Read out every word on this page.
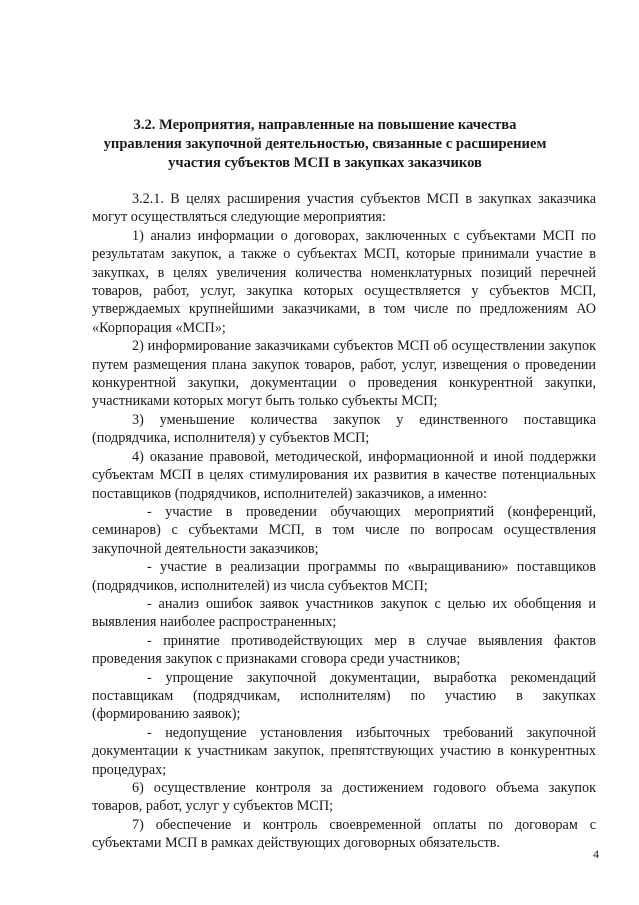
3.2. Мероприятия, направленные на повышение качества
управления закупочной деятельностью, связанные с расширением
участия субъектов МСП в закупках заказчиков

3.2.1. В целях расширения участия субъектов МСП в закупках заказчика могут осуществляться следующие мероприятия:

1) анализ информации о договорах, заключенных с субъектами МСП по результатам закупок, а также о субъектах МСП, которые принимали участие в закупках, в целях увеличения количества номенклатурных позиций перечней товаров, работ, услуг, закупка которых осуществляется у субъектов МСП, утверждаемых крупнейшими заказчиками, в том числе по предложениям АО «Корпорация «МСП»;

2) информирование заказчиками субъектов МСП об осуществлении закупок путем размещения плана закупок товаров, работ, услуг, извещения о проведении конкурентной закупки, документации о проведения конкурентной закупки, участниками которых могут быть только субъекты МСП;

3) уменьшение количества закупок у единственного поставщика (подрядчика, исполнителя) у субъектов МСП;

4) оказание правовой, методической, информационной и иной поддержки субъектам МСП в целях стимулирования их развития в качестве потенциальных поставщиков (подрядчиков, исполнителей) заказчиков, а именно:

- участие в проведении обучающих мероприятий (конференций, семинаров) с субъектами МСП, в том числе по вопросам осуществления закупочной деятельности заказчиков;

- участие в реализации программы по «выращиванию» поставщиков (подрядчиков, исполнителей) из числа субъектов МСП;

- анализ ошибок заявок участников закупок с целью их обобщения и выявления наиболее распространенных;

- принятие противодействующих мер в случае выявления фактов проведения закупок с признаками сговора среди участников;

- упрощение закупочной документации, выработка рекомендаций поставщикам (подрядчикам, исполнителям) по участию в закупках (формированию заявок);

- недопущение установления избыточных требований закупочной документации к участникам закупок, препятствующих участию в конкурентных процедурах;

6) осуществление контроля за достижением годового объема закупок товаров, работ, услуг у субъектов МСП;

7) обеспечение и контроль своевременной оплаты по договорам с субъектами МСП в рамках действующих договорных обязательств.

4
